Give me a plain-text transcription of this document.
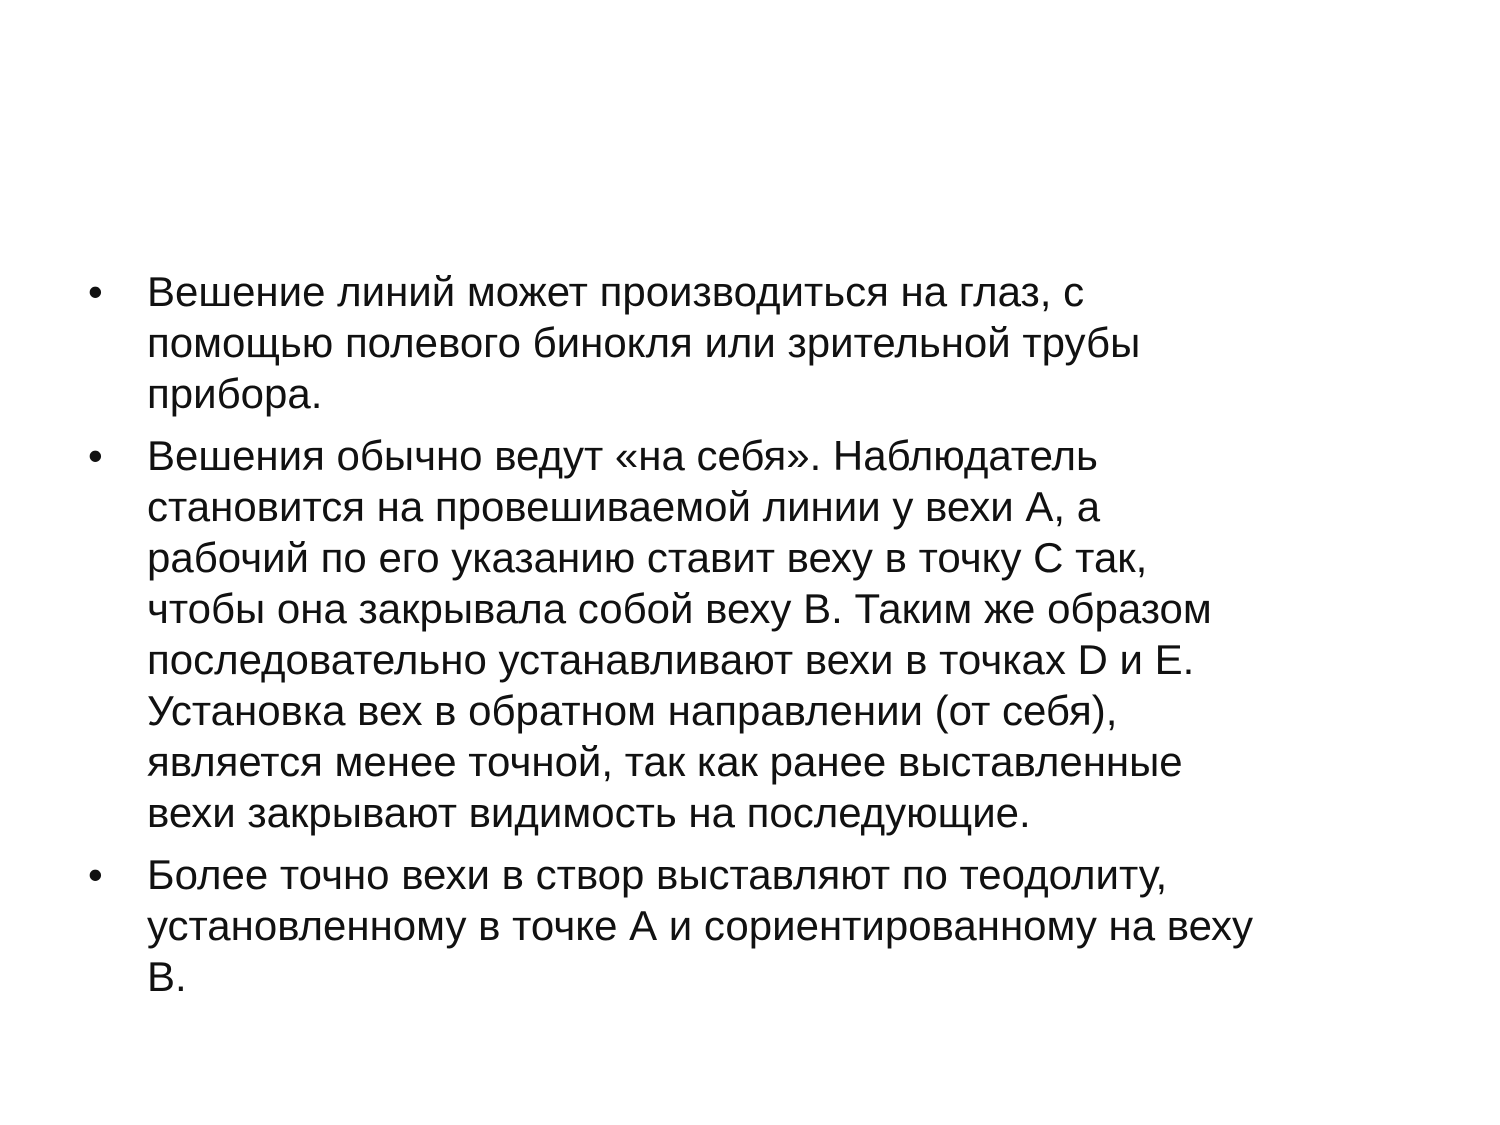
•	Вешение линий может производиться на глаз, с
помощью полевого бинокля или зрительной трубы
прибора.
•	Вешения обычно ведут «на себя». Наблюдатель
становится на провешиваемой линии у вехи А, а
рабочий по его указанию ставит веху в точку С так,
чтобы она закрывала собой веху В. Таким же образом
последовательно устанавливают вехи в точках D и Е.
Установка вех в обратном направлении (от себя),
является менее точной, так как ранее выставленные
вехи закрывают видимость на последующие.
•	Более точно вехи в створ выставляют по теодолиту,
установленному в точке А и сориентированному на веху
В.
